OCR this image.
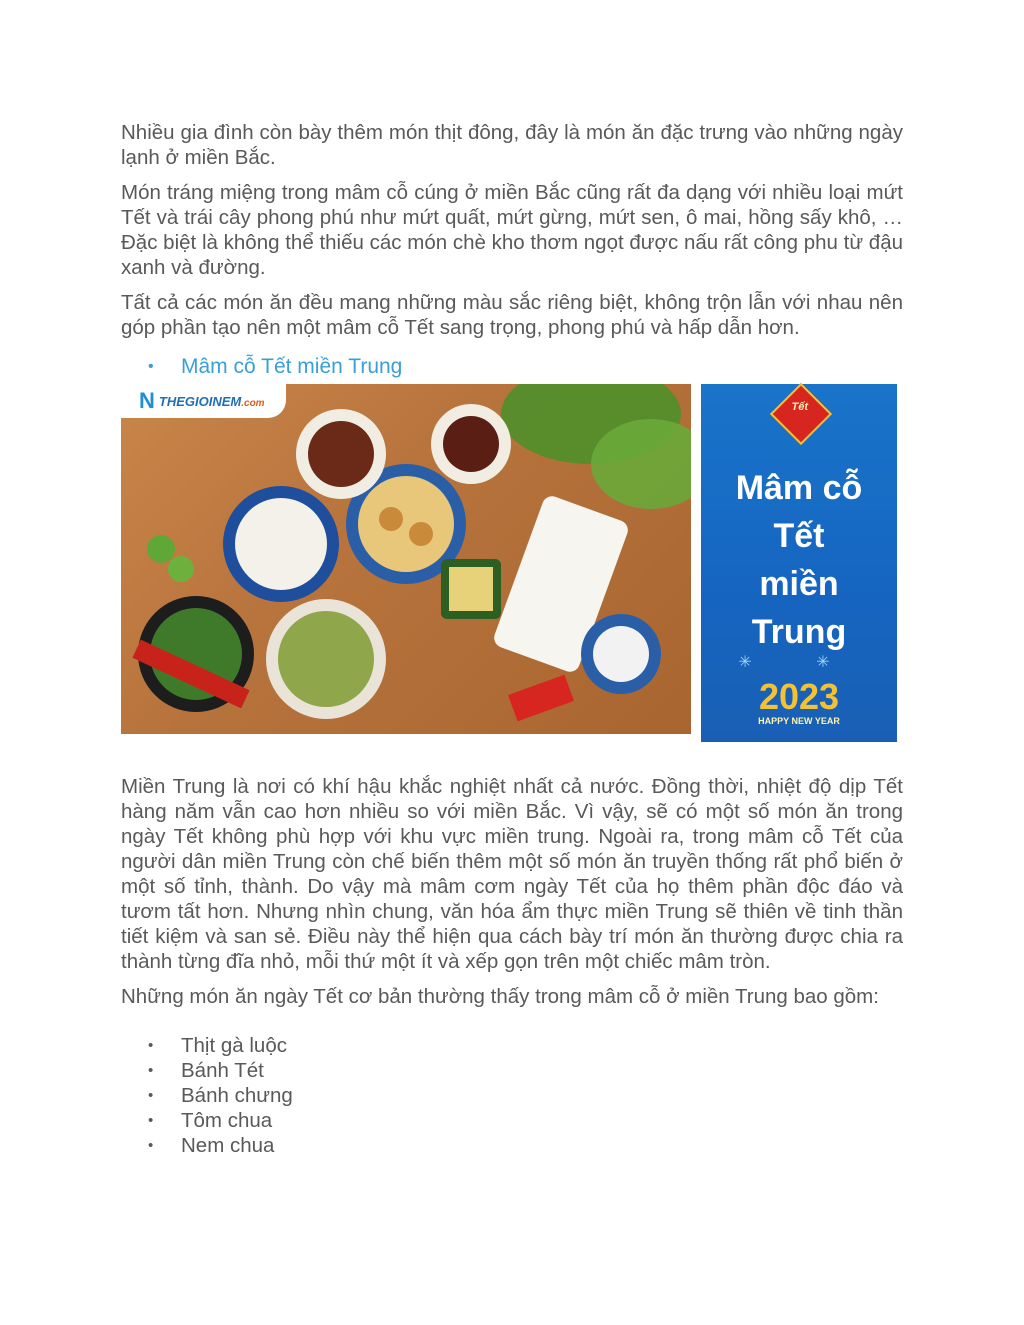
Nhiều gia đình còn bày thêm món thịt đông, đây là món ăn đặc trưng vào những ngày lạnh ở miền Bắc.

Món tráng miệng trong mâm cỗ cúng ở miền Bắc cũng rất đa dạng với nhiều loại mứt Tết và trái cây phong phú như mứt quất, mứt gừng, mứt sen, ô mai, hồng sấy khô, … Đặc biệt là không thể thiếu các món chè kho thơm ngọt được nấu rất công phu từ đậu xanh và đường.

Tất cả các món ăn đều mang những màu sắc riêng biệt, không trộn lẫn với nhau nên góp phần tạo nên một mâm cỗ Tết sang trọng, phong phú và hấp dẫn hơn.

• Mâm cỗ Tết miền Trung
N THEGIOINEM.com	Tết
Mâm cỗ
Tết
miền
Trung
✳ ✳
2023
HAPPY NEW YEAR

Miền Trung là nơi có khí hậu khắc nghiệt nhất cả nước. Đồng thời, nhiệt độ dịp Tết hàng năm vẫn cao hơn nhiều so với miền Bắc. Vì vậy, sẽ có một số món ăn trong ngày Tết không phù hợp với khu vực miền trung. Ngoài ra, trong mâm cỗ Tết của người dân miền Trung còn chế biến thêm một số món ăn truyền thống rất phổ biến ở một số tỉnh, thành. Do vậy mà mâm cơm ngày Tết của họ thêm phần độc đáo và tươm tất hơn. Nhưng nhìn chung, văn hóa ẩm thực miền Trung sẽ thiên về tinh thần tiết kiệm và san sẻ. Điều này thể hiện qua cách bày trí món ăn thường được chia ra thành từng đĩa nhỏ, mỗi thứ một ít và xếp gọn trên một chiếc mâm tròn.

Những món ăn ngày Tết cơ bản thường thấy trong mâm cỗ ở miền Trung bao gồm:

• Thịt gà luộc
• Bánh Tét
• Bánh chưng
• Tôm chua
• Nem chua
